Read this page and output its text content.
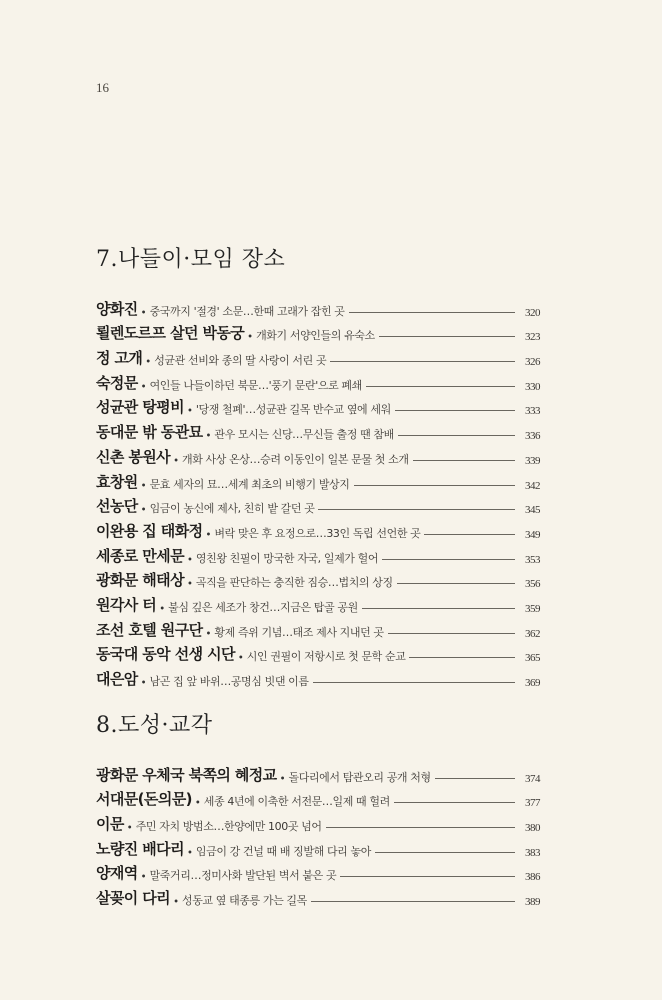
16
7.나들이·모임 장소
양화진 • 중국까지 '절경' 소문…한때 고래가 잡힌 곳	320
뢸렌도르프 살던 박동궁 • 개화기 서양인들의 유숙소	323
정 고개 • 성균관 선비와 종의 딸 사랑이 서린 곳	326
숙정문 • 여인들 나들이하던 북문…'풍기 문란'으로 폐쇄	330
성균관 탕평비 • '당쟁 철폐'…성균관 길목 반수교 옆에 세워	333
동대문 밖 동관묘 • 관우 모시는 신당…무신들 출정 땐 참배	336
신촌 봉원사 • 개화 사상 온상…승려 이동인이 일본 문물 첫 소개	339
효창원 • 문효 세자의 묘…세계 최초의 비행기 발상지	342
선농단 • 임금이 농신에 제사, 친히 밭 갈던 곳	345
이완용 집 태화정 • 벼락 맞은 후 요정으로…33인 독립 선언한 곳	349
세종로 만세문 • 영친왕 친필이 망국한 자국, 일제가 헐어	353
광화문 해태상 • 곡직을 판단하는 충직한 짐승…법치의 상징	356
원각사 터 • 불심 깊은 세조가 창건…지금은 탑골 공원	359
조선 호텔 원구단 • 황제 즉위 기념…태조 제사 지내던 곳	362
동국대 동악 선생 시단 • 시인 권필이 저항시로 첫 문학 순교	365
대은암 • 남곤 집 앞 바위…공명심 빗댄 이름	369
8.도성·교각
광화문 우체국 북쪽의 혜정교 • 돌다리에서 탐관오리 공개 처형	374
서대문(돈의문) • 세종 4년에 이축한 서전문…일제 때 헐려	377
이문 • 주민 자치 방범소…한양에만 100곳 넘어	380
노량진 배다리 • 임금이 강 건널 때 배 징발해 다리 놓아	383
양재역 • 말죽거리…정미사화 발단된 벽서 붙은 곳	386
살꽂이 다리 • 성동교 옆 태종릉 가는 길목	389
